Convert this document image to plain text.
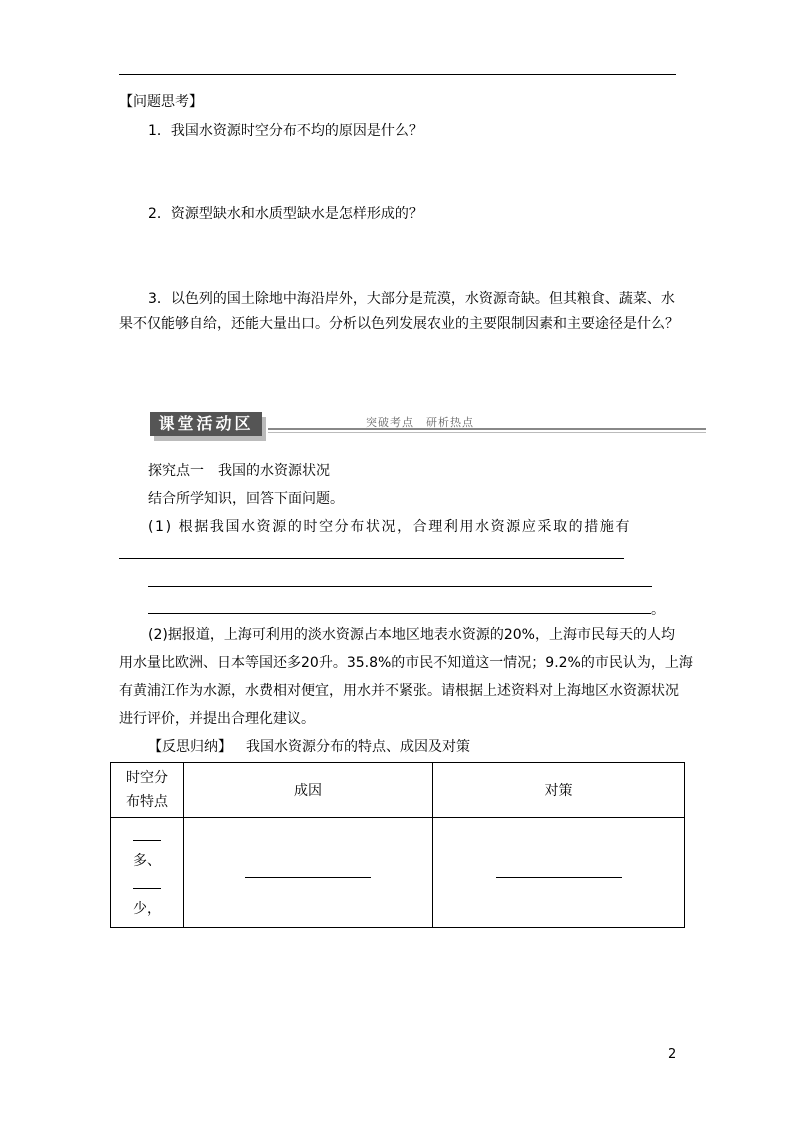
【问题思考】
1．我国水资源时空分布不均的原因是什么？
2．资源型缺水和水质型缺水是怎样形成的？
3．以色列的国土除地中海沿岸外，大部分是荒漠，水资源奇缺。但其粮食、蔬菜、水
果不仅能够自给，还能大量出口。分析以色列发展农业的主要限制因素和主要途径是什么？
课堂活动区	突破考点　研析热点
探究点一　我国的水资源状况
结合所学知识，回答下面问题。
(1) 根据我国水资源的时空分布状况，合理利用水资源应采取的措施有
。
(2)据报道，上海可利用的淡水资源占本地区地表水资源的20%，上海市民每天的人均
用水量比欧洲、日本等国还多20升。35.8%的市民不知道这一情况；9.2%的市民认为，上海
有黄浦江作为水源，水费相对便宜，用水并不紧张。请根据上述资料对上海地区水资源状况
进行评价，并提出合理化建议。
【反思归纳】 我国水资源分布的特点、成因及对策
时空分
布特点	成因	对策

多、
少，		

2
